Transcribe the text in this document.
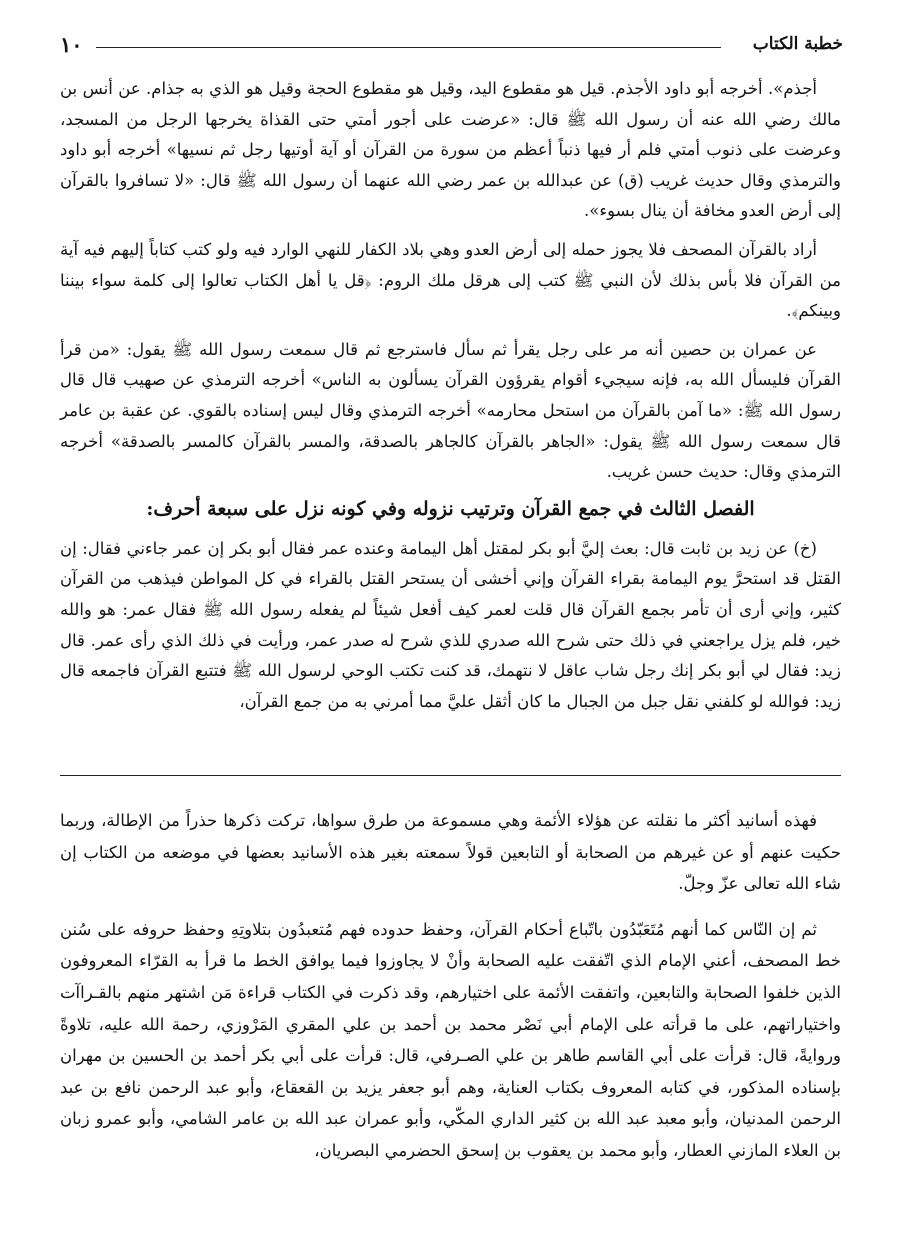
١٠	خطبة الكتاب

أجذم». أخرجه أبو داود الأجذم. قيل هو مقطوع اليد، وقيل هو مقطوع الحجة وقيل هو الذي به جذام. عن أنس بن مالك رضي الله عنه أن رسول الله ﷺ قال: «عرضت على أجور أمتي حتى القذاة يخرجها الرجل من المسجد، وعرضت على ذنوب أمتي فلم أر فيها ذنباً أعظم من سورة من القرآن أو آية أوتيها رجل ثم نسيها» أخرجه أبو داود والترمذي وقال حديث غريب (ق) عن عبدالله بن عمر رضي الله عنهما أن رسول الله ﷺ قال: «لا تسافروا بالقرآن إلى أرض العدو مخافة أن ينال بسوء».

أراد بالقرآن المصحف فلا يجوز حمله إلى أرض العدو وهي بلاد الكفار للنهي الوارد فيه ولو كتب كتاباً إليهم فيه آية من القرآن فلا بأس بذلك لأن النبي ﷺ كتب إلى هرقل ملك الروم: ﴿قل يا أهل الكتاب تعالوا إلى كلمة سواء بيننا وبينكم﴾.

عن عمران بن حصين أنه مر على رجل يقرأ ثم سأل فاسترجع ثم قال سمعت رسول الله ﷺ يقول: «من قرأ القرآن فليسأل الله به، فإنه سيجيء أقوام يقرؤون القرآن يسألون به الناس» أخرجه الترمذي عن صهيب قال قال رسول الله ﷺ: «ما آمن بالقرآن من استحل محارمه» أخرجه الترمذي وقال ليس إسناده بالقوي. عن عقبة بن عامر قال سمعت رسول الله ﷺ يقول: «الجاهر بالقرآن كالجاهر بالصدقة، والمسر بالقرآن كالمسر بالصدقة» أخرجه الترمذي وقال: حديث حسن غريب.

الفصل الثالث في جمع القرآن وترتيب نزوله وفي كونه نزل على سبعة أحرف:

(خ) عن زيد بن ثابت قال: بعث إليَّ أبو بكر لمقتل أهل اليمامة وعنده عمر فقال أبو بكر إن عمر جاءني فقال: إن القتل قد استحرَّ يوم اليمامة بقراء القرآن وإني أخشى أن يستحر القتل بالقراء في كل المواطن فيذهب من القرآن كثير، وإني أرى أن تأمر بجمع القرآن قال قلت لعمر كيف أفعل شيئاً لم يفعله رسول الله ﷺ فقال عمر: هو والله خير، فلم يزل يراجعني في ذلك حتى شرح الله صدري للذي شرح له صدر عمر، ورأيت في ذلك الذي رأى عمر. قال زيد: فقال لي أبو بكر إنك رجل شاب عاقل لا نتهمك، قد كنت تكتب الوحي لرسول الله ﷺ فتتبع القرآن فاجمعه قال زيد: فوالله لو كلفني نقل جبل من الجبال ما كان أثقل عليَّ مما أمرني به من جمع القرآن،

فهذه أسانيد أكثر ما نقلته عن هؤلاء الأئمة وهي مسموعة من طرق سواها، تركت ذكرها حذراً من الإطالة، وربما حكيت عنهم أو عن غيرهم من الصحابة أو التابعين قولاً سمعته بغير هذه الأسانيد بعضها في موضعه من الكتاب إن شاء الله تعالى عزّ وجلّ.

ثم إن النّاس كما أنهم مُتَعَبّدُون باتّباع أحكام القرآن، وحفظ حدوده فهم مُتعبدُون بتلاوتِهِ وحفظ حروفه على سُنن خط المصحف، أعني الإمام الذي اتّفقت عليه الصحابة وأنْ لا يجاوزوا فيما يوافق الخط ما قرأ به القرّاء المعروفون الذين خلفوا الصحابة والتابعين، واتفقت الأئمة على اختيارهم، وقد ذكرت في الكتاب قراءة مَن اشتهر منهم بالقـراآت واختياراتهم، على ما قرأته على الإمام أبي نَصْر محمد بن أحمد بن علي المقري المَرْوزي، رحمة الله عليه، تلاوةً وروايةً، قال: قرأت على أبي القاسم طاهر بن علي الصـرفي، قال: قرأت على أبي بكر أحمد بن الحسين بن مهران بإسناده المذكور، في كتابه المعروف بكتاب العناية، وهم أبو جعفر يزيد بن القعقاع، وأبو عبد الرحمن نافع بن عبد الرحمن المدنيان، وأبو معبد عبد الله بن كثير الداري المكّي، وأبو عمران عبد الله بن عامر الشامي، وأبو عمرو زبان بن العلاء المازني العطار، وأبو محمد بن يعقوب بن إسحق الحضرمي البصريان،
